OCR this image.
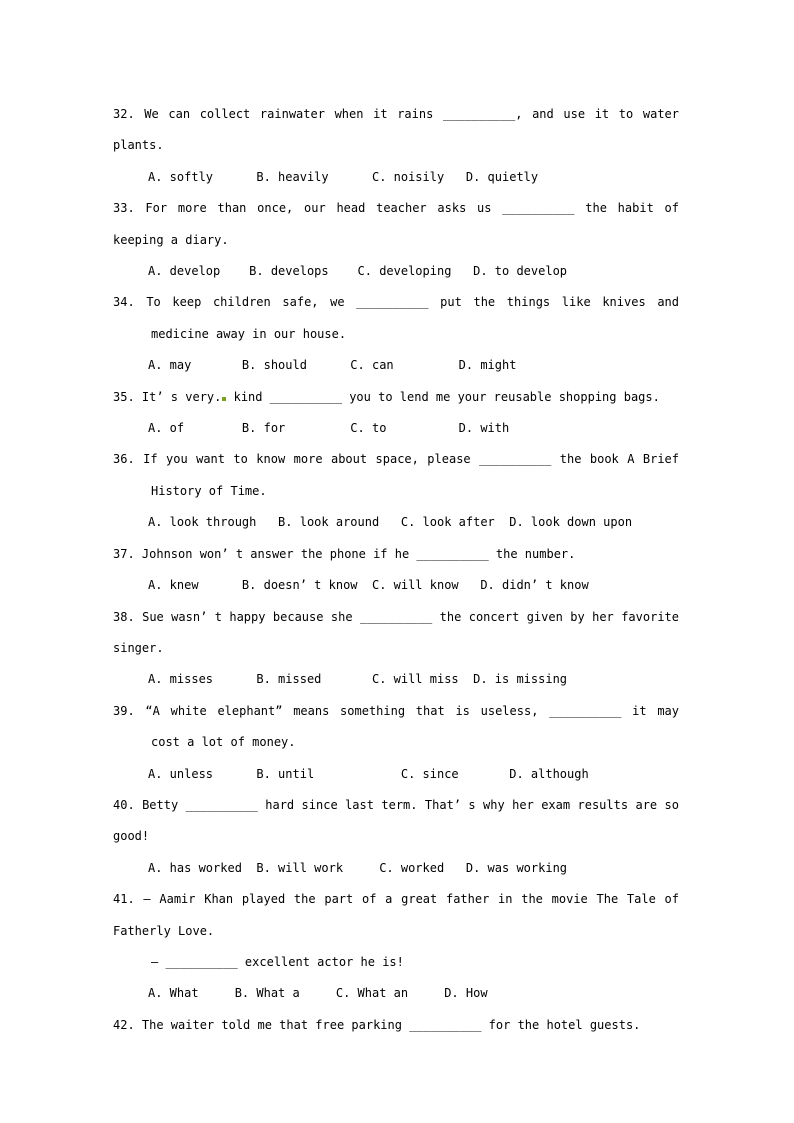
32. We can collect rainwater when it rains __________, and use it to water
plants.
A. softly      B. heavily      C. noisily   D. quietly
33. For more than once, our head teacher asks us __________ the habit of
keeping a diary.
A. develop    B. develops    C. developing   D. to develop
34. To keep children safe, we __________ put the things like knives and
medicine away in our house.
A. may       B. should      C. can         D. might
35. It’ s very. kind __________ you to lend me your reusable shopping bags.
A. of        B. for         C. to          D. with
36. If you want to know more about space, please __________ the book A Brief
History of Time.
A. look through   B. look around   C. look after  D. look down upon
37. Johnson won’ t answer the phone if he __________ the number.
A. knew      B. doesn’ t know  C. will know   D. didn’ t know
38. Sue wasn’ t happy because she __________ the concert given by her favorite
singer.
A. misses      B. missed       C. will miss  D. is missing
39. “A white elephant” means something that is useless, __________ it may
cost a lot of money.
A. unless      B. until            C. since       D. although
40. Betty __________ hard since last term. That’ s why her exam results are so
good!
A. has worked  B. will work     C. worked   D. was working
41. — Aamir Khan played the part of a great father in the movie The Tale of
Fatherly Love.
— __________ excellent actor he is!
A. What     B. What a     C. What an     D. How
42. The waiter told me that free parking __________ for the hotel guests.
